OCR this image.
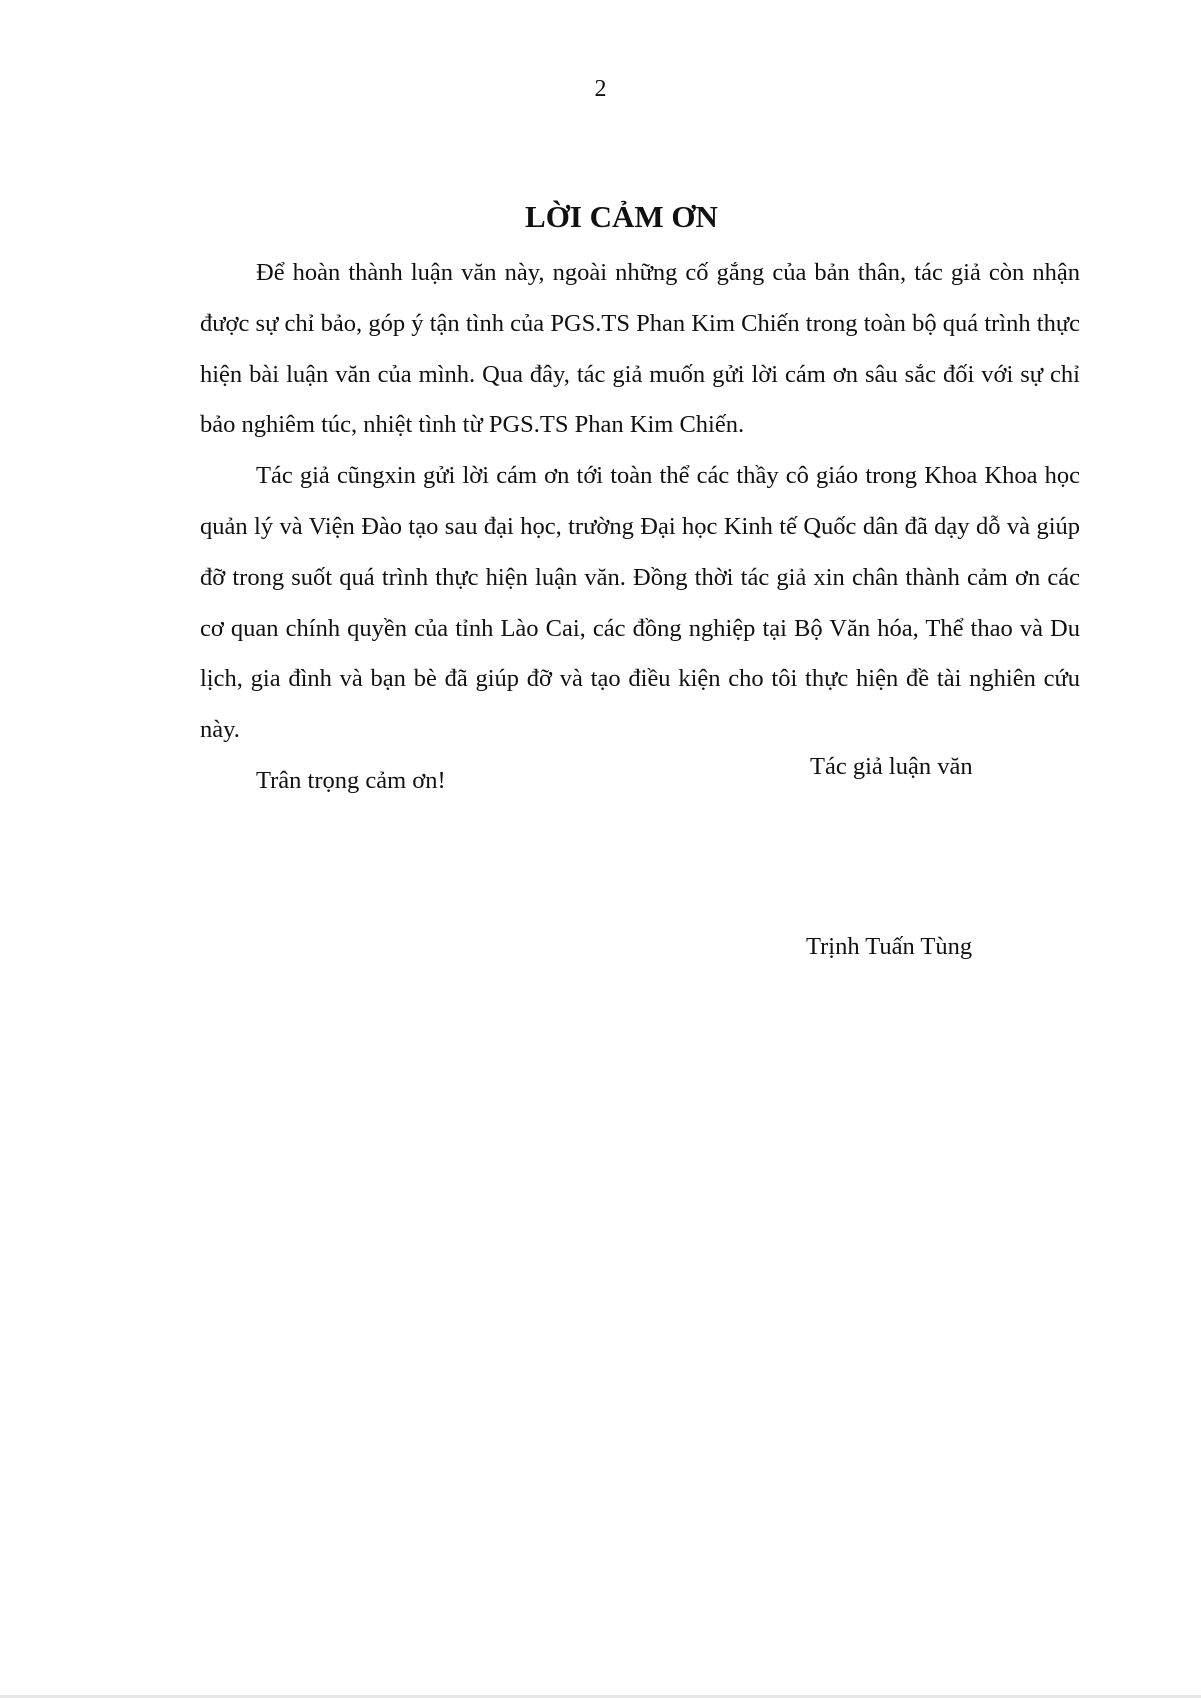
2
LỜI CẢM ƠN

Để hoàn thành luận văn này, ngoài những cố gắng của bản thân, tác giả còn nhận được sự chỉ bảo, góp ý tận tình của PGS.TS Phan Kim Chiến trong toàn bộ quá trình thực hiện bài luận văn của mình. Qua đây, tác giả muốn gửi lời cám ơn sâu sắc đối với sự chỉ bảo nghiêm túc, nhiệt tình từ PGS.TS Phan Kim Chiến.

Tác giả cũngxin gửi lời cám ơn tới toàn thể các thầy cô giáo trong Khoa Khoa học quản lý và Viện Đào tạo sau đại học, trường Đại học Kinh tế Quốc dân đã dạy dỗ và giúp đỡ trong suốt quá trình thực hiện luận văn. Đồng thời tác giả xin chân thành cảm ơn các cơ quan chính quyền của tỉnh Lào Cai, các đồng nghiệp tại Bộ Văn hóa, Thể thao và Du lịch, gia đình và bạn bè đã giúp đỡ và tạo điều kiện cho tôi thực hiện đề tài nghiên cứu này.

Trân trọng cảm ơn!

Tác giả luận văn
Trịnh Tuấn Tùng
